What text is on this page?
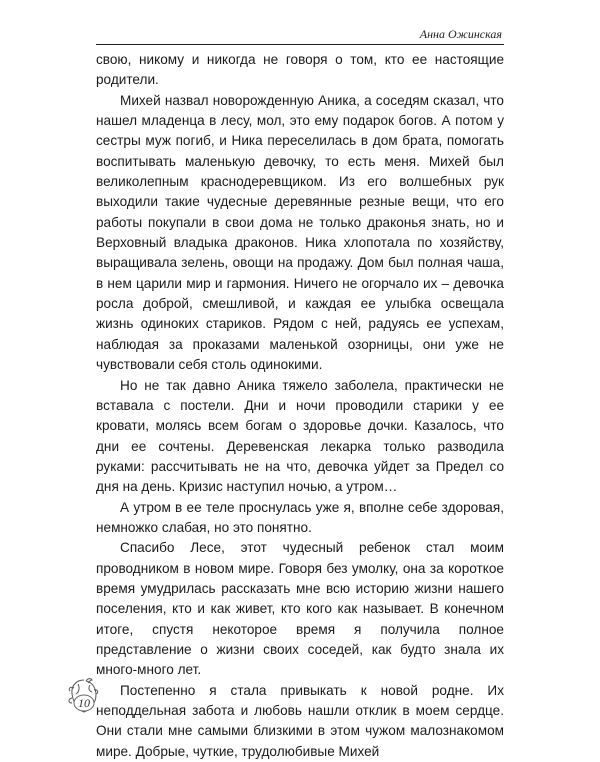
Анна Ожинская

свою, никому и никогда не говоря о том, кто ее настоящие родители.

Михей назвал новорожденную Аника, а соседям сказал, что нашел младенца в лесу, мол, это ему подарок богов. А потом у сестры муж погиб, и Ника переселилась в дом брата, помогать воспитывать маленькую девочку, то есть меня. Михей был великолепным краснодеревщиком. Из его волшебных рук выходили такие чудесные деревянные резные вещи, что его работы покупали в свои дома не только драконья знать, но и Верховный владыка драконов. Ника хлопотала по хозяйству, выращивала зелень, овощи на продажу. Дом был полная чаша, в нем царили мир и гармония. Ничего не огорчало их – девочка росла доброй, смешливой, и каждая ее улыбка освещала жизнь одиноких стариков. Рядом с ней, радуясь ее успехам, наблюдая за проказами маленькой озорницы, они уже не чувствовали себя столь одинокими.

Но не так давно Аника тяжело заболела, практически не вставала с постели. Дни и ночи проводили старики у ее кровати, молясь всем богам о здоровье дочки. Казалось, что дни ее сочтены. Деревенская лекарка только разводила руками: рассчитывать не на что, девочка уйдет за Предел со дня на день. Кризис наступил ночью, а утром…

А утром в ее теле проснулась уже я, вполне себе здоровая, немножко слабая, но это понятно.

Спасибо Лесе, этот чудесный ребенок стал моим проводником в новом мире. Говоря без умолку, она за короткое время умудрилась рассказать мне всю историю жизни нашего поселения, кто и как живет, кто кого как называет. В конечном итоге, спустя некоторое время я получила полное представление о жизни своих соседей, как будто знала их много-много лет.

Постепенно я стала привыкать к новой родне. Их неподдельная забота и любовь нашли отклик в моем сердце. Они стали мне самыми близкими в этом чужом малознакомом мире. Добрые, чуткие, трудолюбивые Михей

10
